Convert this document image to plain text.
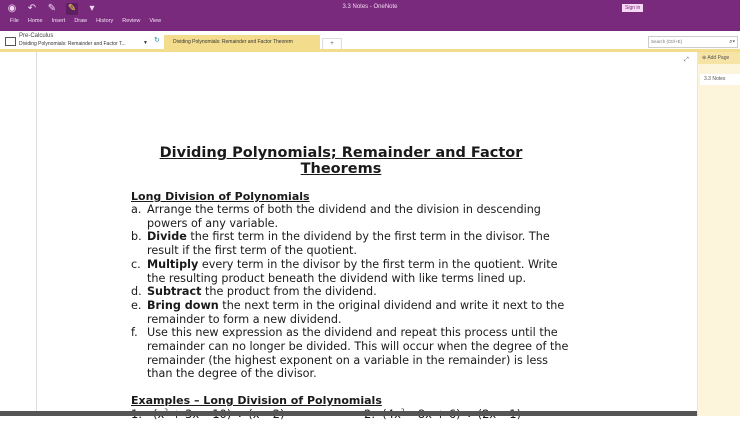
◉ ↶ ✎ ✎	▾	3.3 Notes - OneNote	Sign in
File Home Insert Draw History Review View
Pre-Calculus
Dividing Polynomials: Remainder and Factor T...	▼ ↻	Dividing Polynomials: Remainder and Factor Theorem	+	Search (Ctrl+E)	⌕▾
⤢	⊕ Add Page
3.3 Notes
Dividing Polynomials; Remainder and Factor Theorems
Long Division of Polynomials
a. Arrange the terms of both the dividend and the division in descending powers of any variable.
b. Divide the first term in the dividend by the first term in the divisor. The result if the first term of the quotient.
c. Multiply every term in the divisor by the first term in the quotient. Write the resulting product beneath the dividend with like terms lined up.
d. Subtract the product from the dividend.
e. Bring down the next term in the original dividend and write it next to the remainder to form a new dividend.
f. Use this new expression as the dividend and repeat this process until the remainder can no longer be divided. This will occur when the degree of the remainder (the highest exponent on a variable in the remainder) is less than the degree of the divisor.
Examples – Long Division of Polynomials
